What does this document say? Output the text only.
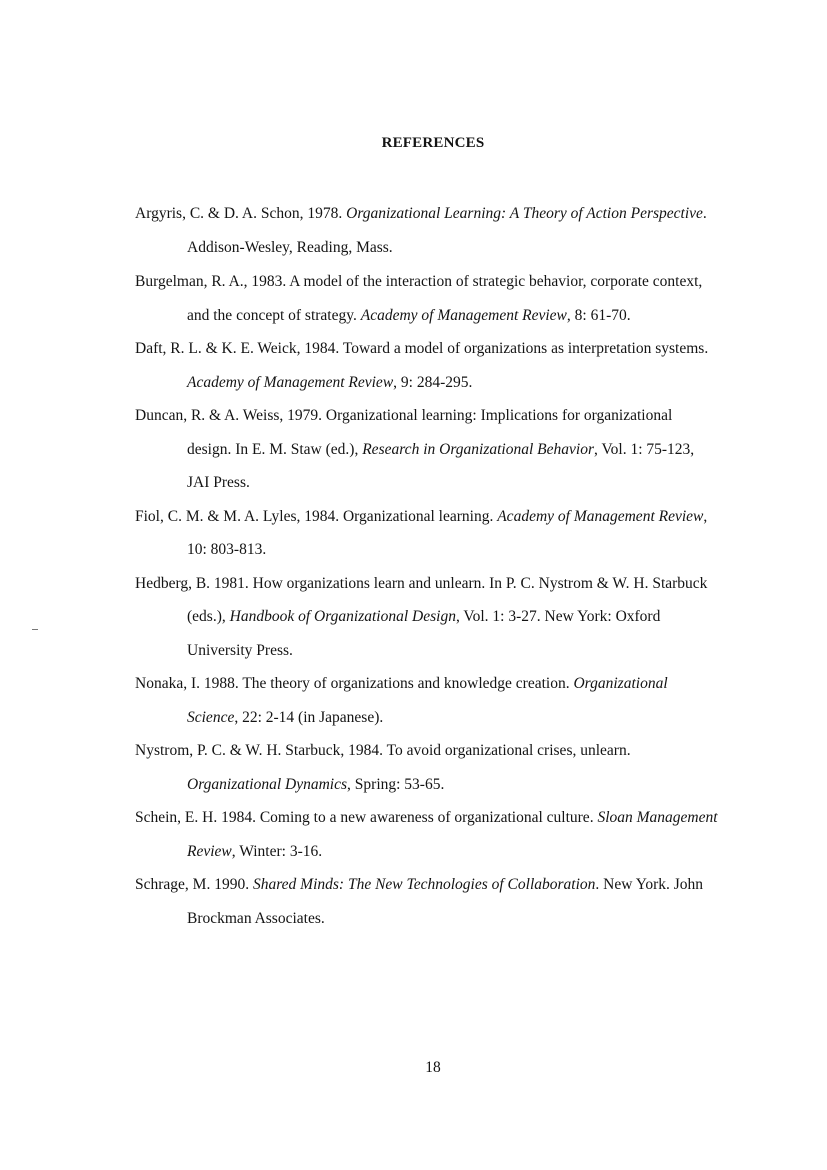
REFERENCES

Argyris, C. & D. A. Schon, 1978. Organizational Learning: A Theory of Action Perspective. Addison-Wesley, Reading, Mass.

Burgelman, R. A., 1983. A model of the interaction of strategic behavior, corporate context, and the concept of strategy. Academy of Management Review, 8: 61-70.

Daft, R. L. & K. E. Weick, 1984. Toward a model of organizations as interpretation systems. Academy of Management Review, 9: 284-295.

Duncan, R. & A. Weiss, 1979. Organizational learning: Implications for organizational design. In E. M. Staw (ed.), Research in Organizational Behavior, Vol. 1: 75-123, JAI Press.

Fiol, C. M. & M. A. Lyles, 1984. Organizational learning. Academy of Management Review, 10: 803-813.

Hedberg, B. 1981. How organizations learn and unlearn. In P. C. Nystrom & W. H. Starbuck (eds.), Handbook of Organizational Design, Vol. 1: 3-27. New York: Oxford University Press.

Nonaka, I. 1988. The theory of organizations and knowledge creation. Organizational Science, 22: 2-14 (in Japanese).

Nystrom, P. C. & W. H. Starbuck, 1984. To avoid organizational crises, unlearn. Organizational Dynamics, Spring: 53-65.

Schein, E. H. 1984. Coming to a new awareness of organizational culture. Sloan Management Review, Winter: 3-16.

Schrage, M. 1990. Shared Minds: The New Technologies of Collaboration. New York. John Brockman Associates.

18
